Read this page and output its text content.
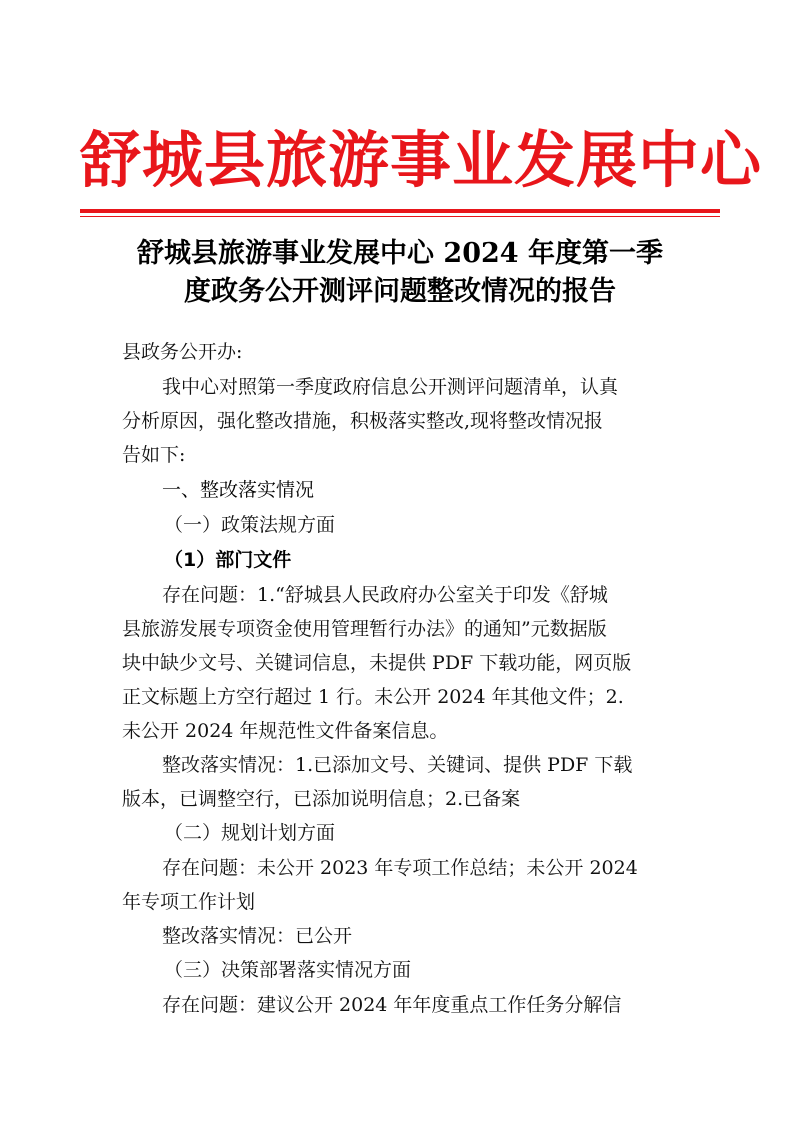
舒城县旅游事业发展中心
舒城县旅游事业发展中心 2024 年度第一季
度政务公开测评问题整改情况的报告
县政务公开办:
我中心对照第一季度政府信息公开测评问题清单，认真
分析原因，强化整改措施，积极落实整改,现将整改情况报
告如下:
一、整改落实情况
（一）政策法规方面
（1）部门文件
存在问题：1.“舒城县人民政府办公室关于印发《舒城
县旅游发展专项资金使用管理暂行办法》的通知”元数据版
块中缺少文号、关键词信息，未提供 PDF 下载功能，网页版
正文标题上方空行超过 1 行。未公开 2024 年其他文件；2.
未公开 2024 年规范性文件备案信息。
整改落实情况：1.已添加文号、关键词、提供 PDF 下载
版本，已调整空行，已添加说明信息；2.已备案
（二）规划计划方面
存在问题：未公开 2023 年专项工作总结；未公开 2024
年专项工作计划
整改落实情况：已公开
（三）决策部署落实情况方面
存在问题：建议公开 2024 年年度重点工作任务分解信
